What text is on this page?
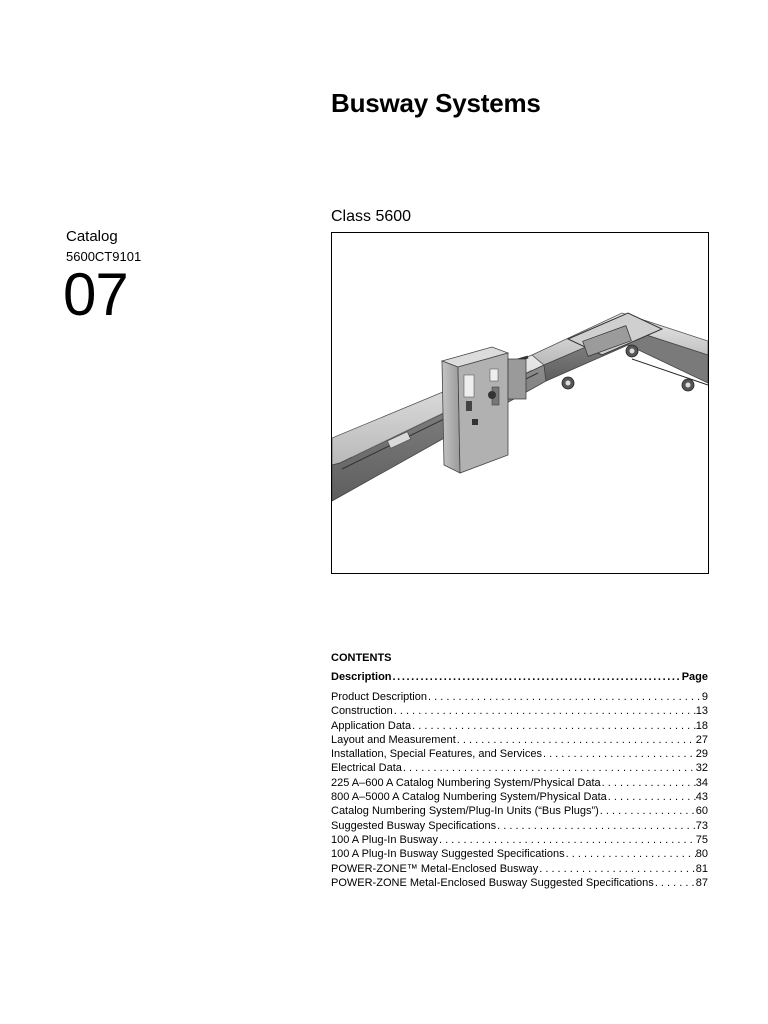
Busway Systems
Catalog
5600CT9101
07
Class 5600
CONTENTS
Description .....	Page
Product Description . . .	9
Construction . . .	13
Application Data . . .	18
Layout and Measurement . . .	27
Installation, Special Features, and Services . . .	29
Electrical Data . . .	32
225 A–600 A Catalog Numbering System/Physical Data . . .	34
800 A–5000 A Catalog Numbering System/Physical Data . . .	43
Catalog Numbering System/Plug-In Units (“Bus Plugs”) . . .	60
Suggested Busway Specifications . . .	73
100 A Plug-In Busway . . .	75
100 A Plug-In Busway Suggested Specifications . . .	80
POWER-ZONE™ Metal-Enclosed Busway . . .	81
POWER-ZONE Metal-Enclosed Busway Suggested Specifications . . .	87
